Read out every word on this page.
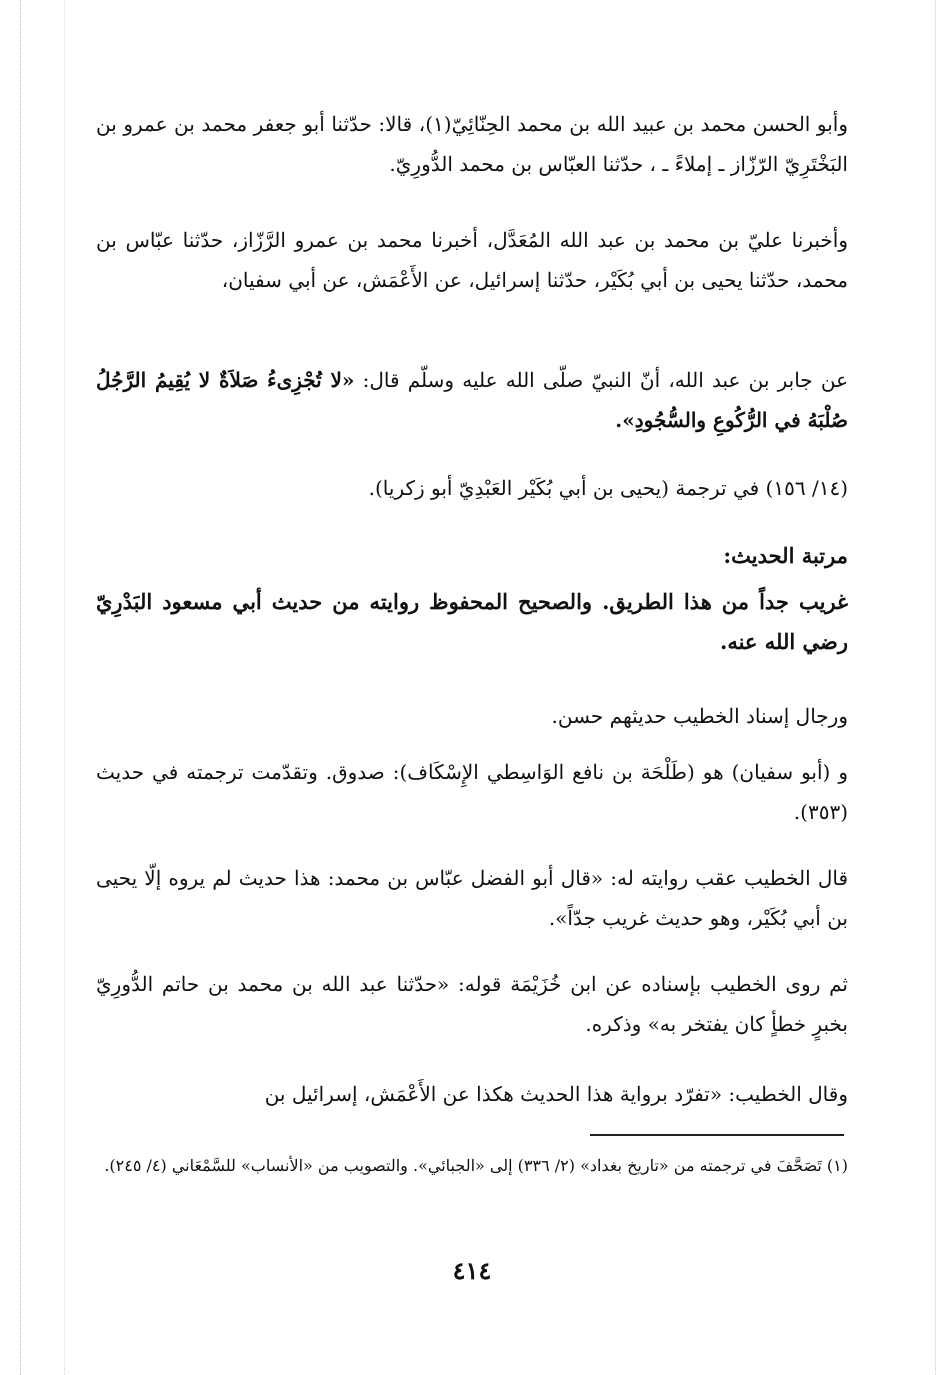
وأبو الحسن محمد بن عبيد الله بن محمد الحِنّائِيّ(١)، قالا: حدّثنا أبو جعفر محمد بن عمرو بن البَخْتَرِيّ الرّزّاز ـ إملاءً ـ ، حدّثنا العبّاس بن محمد الدُّورِيّ.

وأخبرنا عليّ بن محمد بن عبد الله المُعَدَّل، أخبرنا محمد بن عمرو الرَّزّاز، حدّثنا عبّاس بن محمد، حدّثنا يحيى بن أبي بُكَيْر، حدّثنا إسرائيل، عن الأَعْمَش، عن أبي سفيان،

عن جابر بن عبد الله، أنّ النبيّ صلّى الله عليه وسلّم قال: «لا تُجْزِىءُ صَلاَةٌ لا يُقِيمُ الرَّجُلُ صُلْبَهُ في الرُّكُوعِ والسُّجُودِ».

(١٤/ ١٥٦) في ترجمة (يحيى بن أبي بُكَيْر العَبْدِيّ أبو زكريا).

مرتبة الحديث:

غريب جداً من هذا الطريق. والصحيح المحفوظ روايته من حديث أبي مسعود البَدْرِيّ رضي الله عنه.

ورجال إسناد الخطيب حديثهم حسن.

و (أبو سفيان) هو (طَلْحَة بن نافع الوَاسِطي الإِسْكَاف): صدوق. وتقدّمت ترجمته في حديث (٣٥٣).

قال الخطيب عقب روايته له: «قال أبو الفضل عبّاس بن محمد: هذا حديث لم يروه إلّا يحيى بن أبي بُكَيْر، وهو حديث غريب جدّاً».

ثم روى الخطيب بإسناده عن ابن خُزَيْمَة قوله: «حدّثنا عبد الله بن محمد بن حاتم الدُّورِيّ بخبرٍ خطأٍ كان يفتخر به» وذكره.

وقال الخطيب: «تفرّد برواية هذا الحديث هكذا عن الأَعْمَش، إسرائيل بن

(١) تَصَحَّفَ في ترجمته من «تاريخ بغداد» (٢/ ٣٣٦) إلى «الجبائي». والتصويب من «الأنساب» للسَّمْعَاني (٤/ ٢٤٥).

٤١٤
